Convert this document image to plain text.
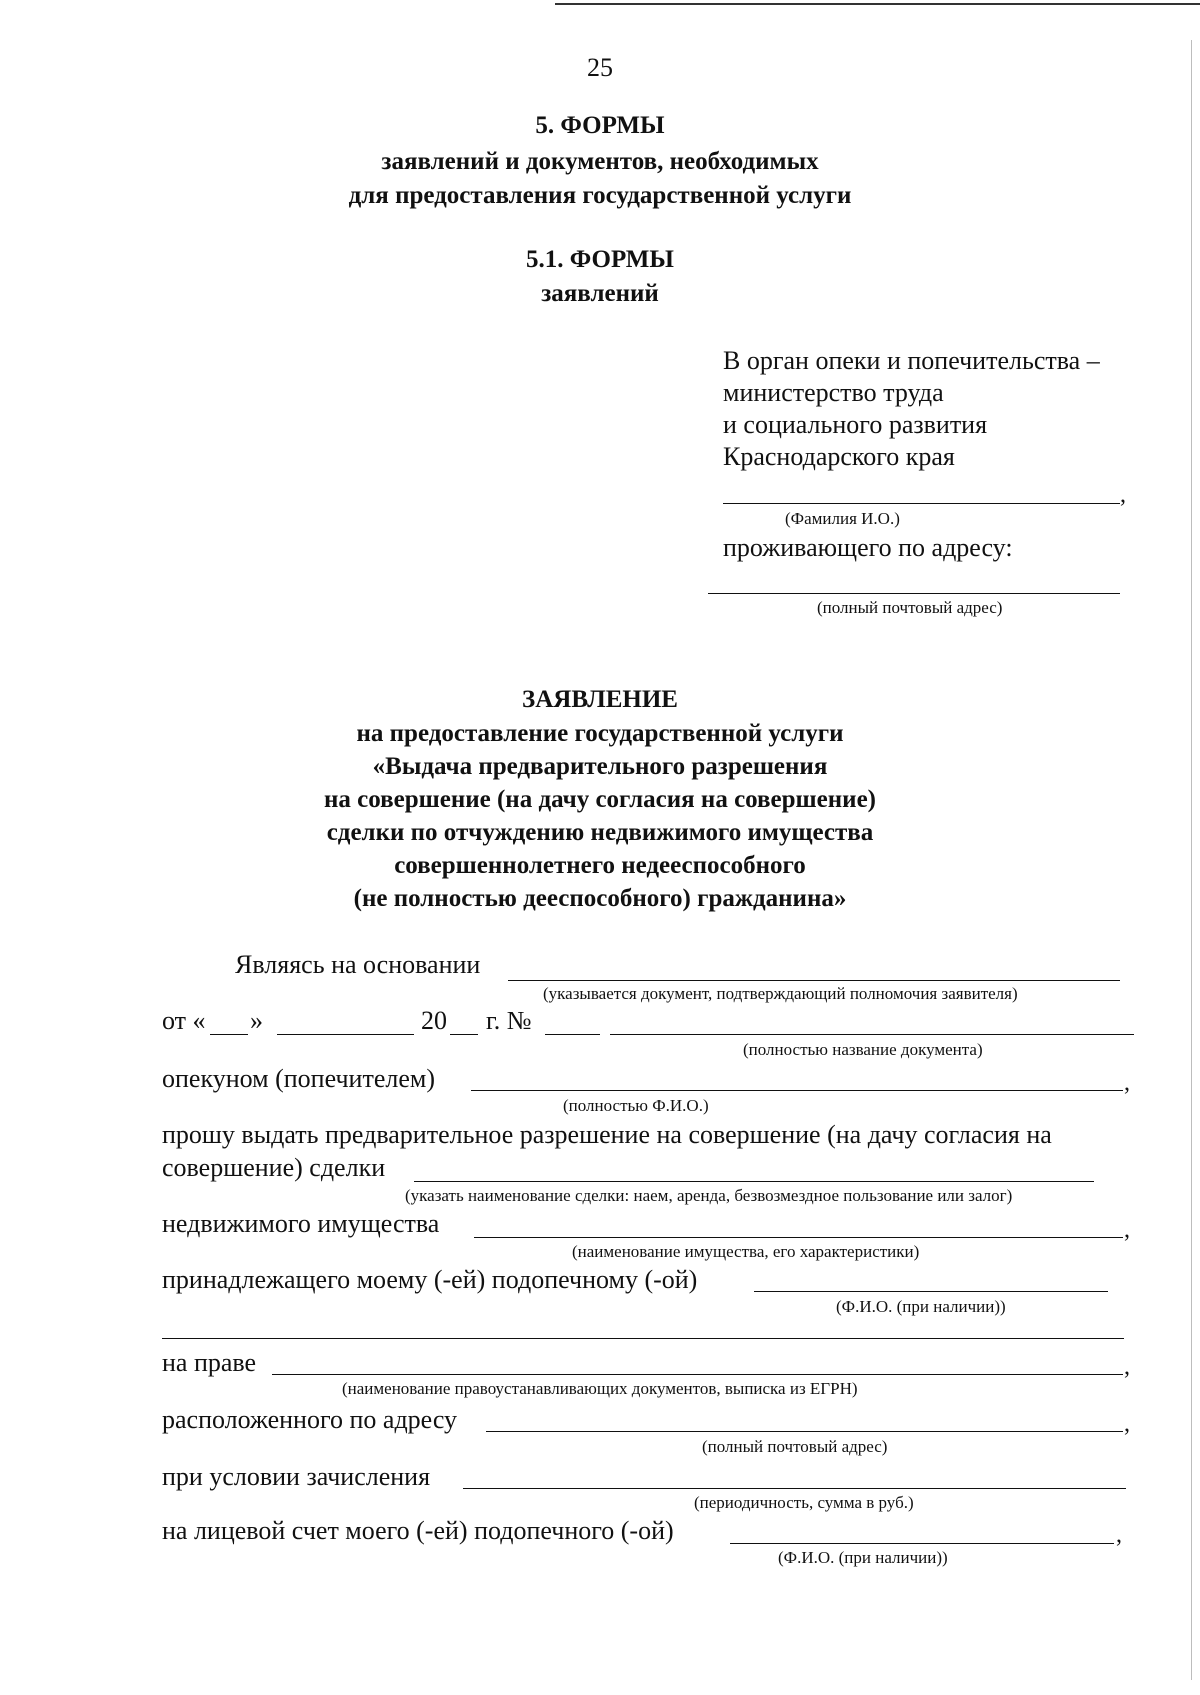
25
5. ФОРМЫ
заявлений и документов, необходимых
для предоставления государственной услуги
5.1. ФОРМЫ
заявлений
В орган опеки и попечительства –
министерство труда
и социального развития
Краснодарского края
,
(Фамилия И.О.)
проживающего по адресу:
(полный почтовый адрес)
ЗАЯВЛЕНИЕ
на предоставление государственной услуги
«Выдача предварительного разрешения
на совершение (на дачу согласия на совершение)
сделки по отчуждению недвижимого имущества
совершеннолетнего недееспособного
(не полностью дееспособного) гражданина»
Являясь на основании
(указывается документ, подтверждающий полномочия заявителя)
от « »	20 г. №
(полностью название документа)
опекуном (попечителем)	,
(полностью Ф.И.О.)
прошу выдать предварительное разрешение на совершение (на дачу согласия на
совершение) сделки
(указать наименование сделки: наем, аренда, безвозмездное пользование или залог)
недвижимого имущества	,
(наименование имущества, его характеристики)
принадлежащего моему (-ей) подопечному (-ой)
(Ф.И.О. (при наличии))
на праве	,
(наименование правоустанавливающих документов, выписка из ЕГРН)
расположенного по адресу	,
(полный почтовый адрес)
при условии зачисления
(периодичность, сумма в руб.)
на лицевой счет моего (-ей) подопечного (-ой)	,
(Ф.И.О. (при наличии))
